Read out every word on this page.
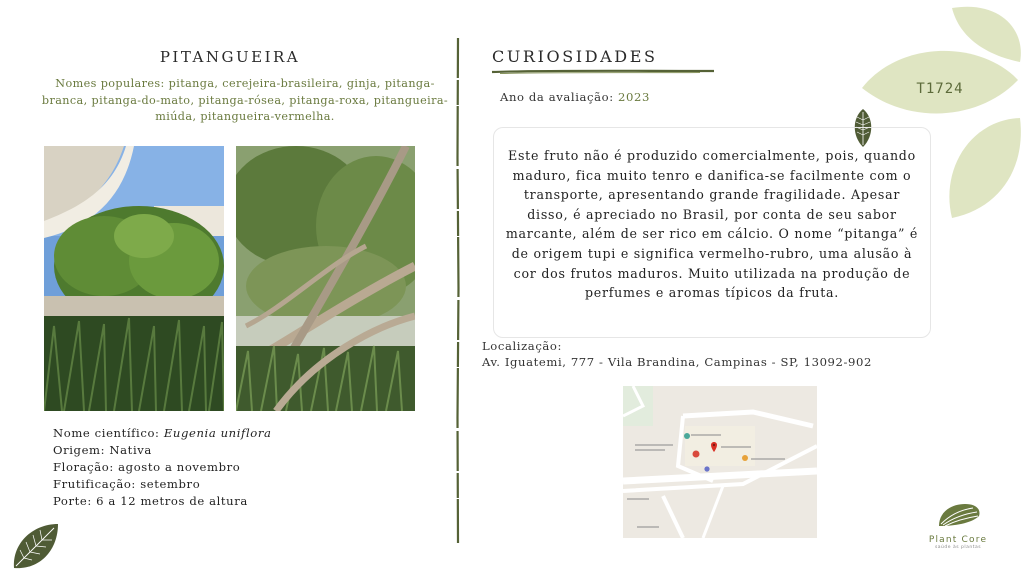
T1724
PITANGUEIRA
Nomes populares: pitanga, cerejeira-brasileira, ginja, pitanga-branca, pitanga-do-mato, pitanga-rósea, pitanga-roxa, pitangueira-miúda, pitangueira-vermelha.
Nome científico: Eugenia uniflora
Origem: Nativa
Floração: agosto a novembro
Frutificação: setembro
Porte: 6 a 12 metros de altura
CURIOSIDADES
Ano da avaliação: 2023
Este fruto não é produzido comercialmente, pois, quando maduro, fica muito tenro e danifica-se facilmente com o transporte, apresentando grande fragilidade. Apesar disso, é apreciado no Brasil, por conta de seu sabor marcante, além de ser rico em cálcio. O nome “pitanga” é de origem tupi e significa vermelho-rubro, uma alusão à cor dos frutos maduros. Muito utilizada na produção de perfumes e aromas típicos da fruta.
Localização:
Av. Iguatemi, 777 - Vila Brandina, Campinas - SP, 13092-902
Plant Core
saúde às plantas
